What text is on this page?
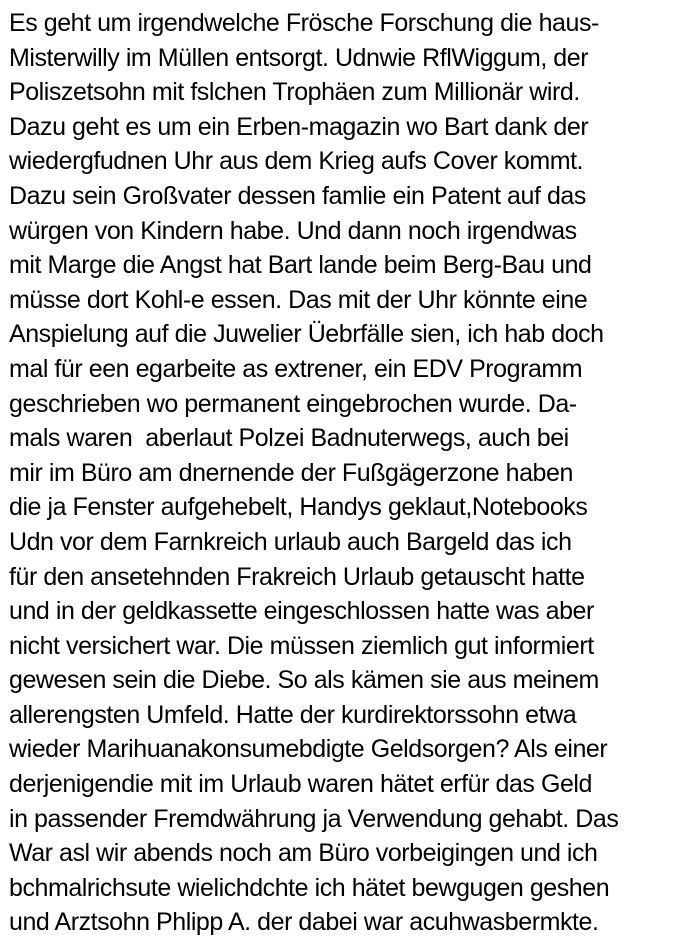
Es geht um irgendwelche Frösche Forschung die haus-
Misterwilly im Müllen entsorgt. Udnwie RflWiggum, der
Poliszetsohn mit fslchen Trophäen zum Millionär wird.
Dazu geht es um ein Erben-magazin wo Bart dank der
wiedergfudnen Uhr aus dem Krieg aufs Cover kommt.
Dazu sein Großvater dessen famlie ein Patent auf das
würgen von Kindern habe. Und dann noch irgendwas
mit Marge die Angst hat Bart lande beim Berg-Bau und
müsse dort Kohl-e essen. Das mit der Uhr könnte eine
Anspielung auf die Juwelier Üebrfälle sien, ich hab doch
mal für een egarbeite as extrener, ein EDV Programm
geschrieben wo permanent eingebrochen wurde. Da-
mals waren  aberlaut Polzei Badnuterwegs, auch bei
mir im Büro am dnernende der Fußgägerzone haben
die ja Fenster aufgehebelt, Handys geklaut,Notebooks
Udn vor dem Farnkreich urlaub auch Bargeld das ich
für den ansetehnden Frakreich Urlaub getauscht hatte
und in der geldkassette eingeschlossen hatte was aber
nicht versichert war. Die müssen ziemlich gut informiert
gewesen sein die Diebe. So als kämen sie aus meinem
allerengsten Umfeld. Hatte der kurdirektorssohn etwa
wieder Marihuanakonsumebdigte Geldsorgen? Als einer
derjenigendie mit im Urlaub waren hätet erfür das Geld
in passender Fremdwährung ja Verwendung gehabt. Das
War asl wir abends noch am Büro vorbeigingen und ich
bchmalrichsute wielichdchte ich hätet bewgugen geshen
und Arztsohn Phlipp A. der dabei war acuhwasbermkte.
